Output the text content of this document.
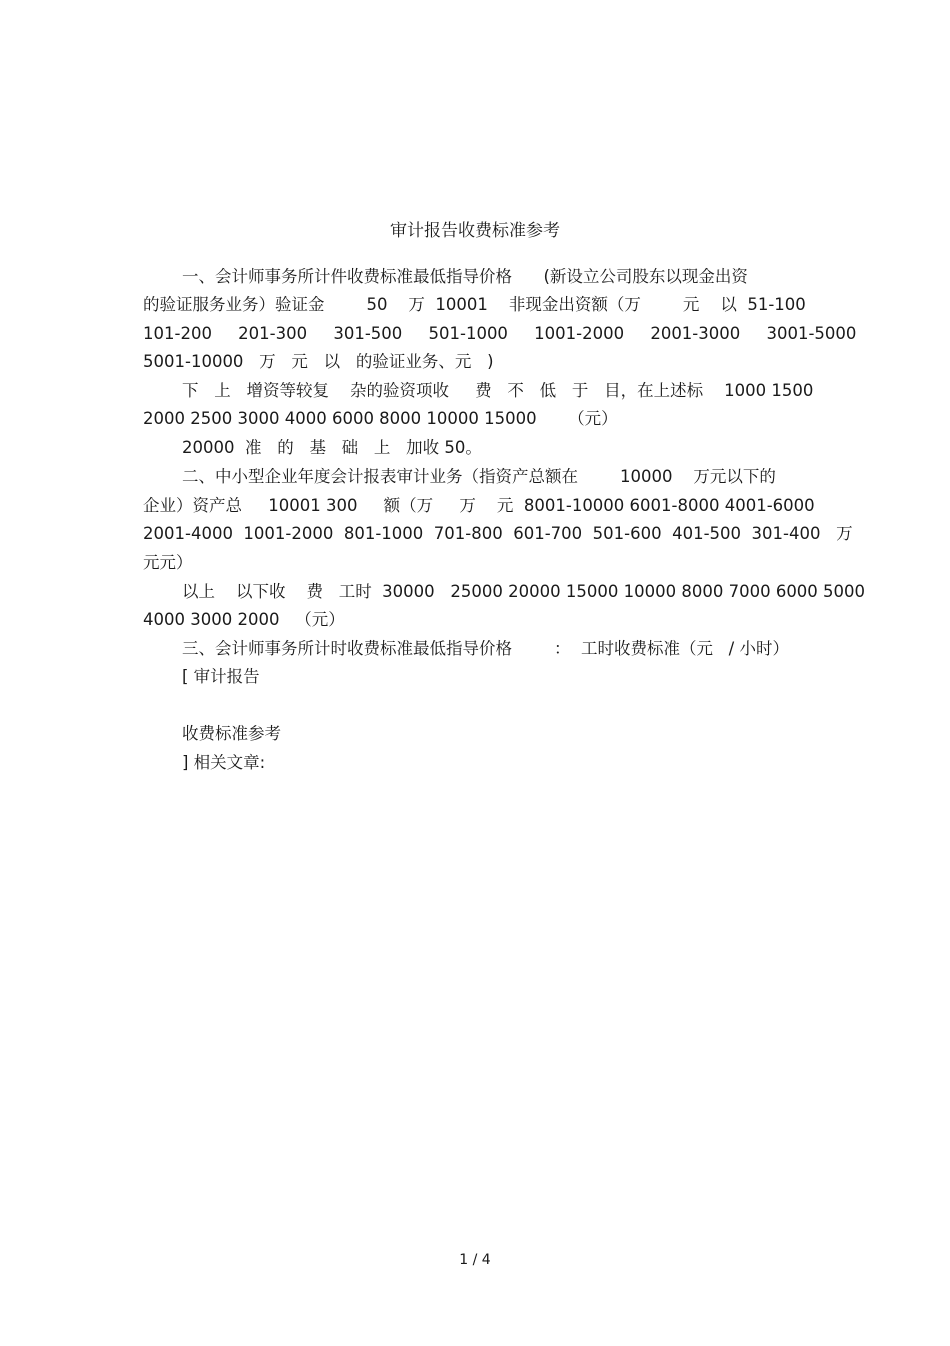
审计报告收费标准参考
一、会计师事务所计件收费标准最低指导价格      (新设立公司股东以现金出资
的验证服务业务）验证金        50    万  10001    非现金出资额（万        元    以  51-100
101-200     201-300     301-500     501-1000     1001-2000     2001-3000     3001-5000
5001-10000   万   元   以   的验证业务、元   )
下   上   增资等较复    杂的验资项收     费   不   低   于   目，在上述标    1000 1500
2000 2500 3000 4000 6000 8000 10000 15000      （元）
20000  准   的   基   础   上   加收 50。
二、中小型企业年度会计报表审计业务（指资产总额在        10000    万元以下的
企业）资产总     10001 300     额（万     万    元  8001-10000 6001-8000 4001-6000
2001-4000  1001-2000  801-1000  701-800  601-700  501-600  401-500  301-400   万
元元）
以上    以下收    费   工时  30000   25000 20000 15000 10000 8000 7000 6000 5000
4000 3000 2000   （元）
三、会计师事务所计时收费标准最低指导价格        ：  工时收费标准（元   / 小时）
[ 审计报告
收费标准参考
] 相关文章:
1 / 4
